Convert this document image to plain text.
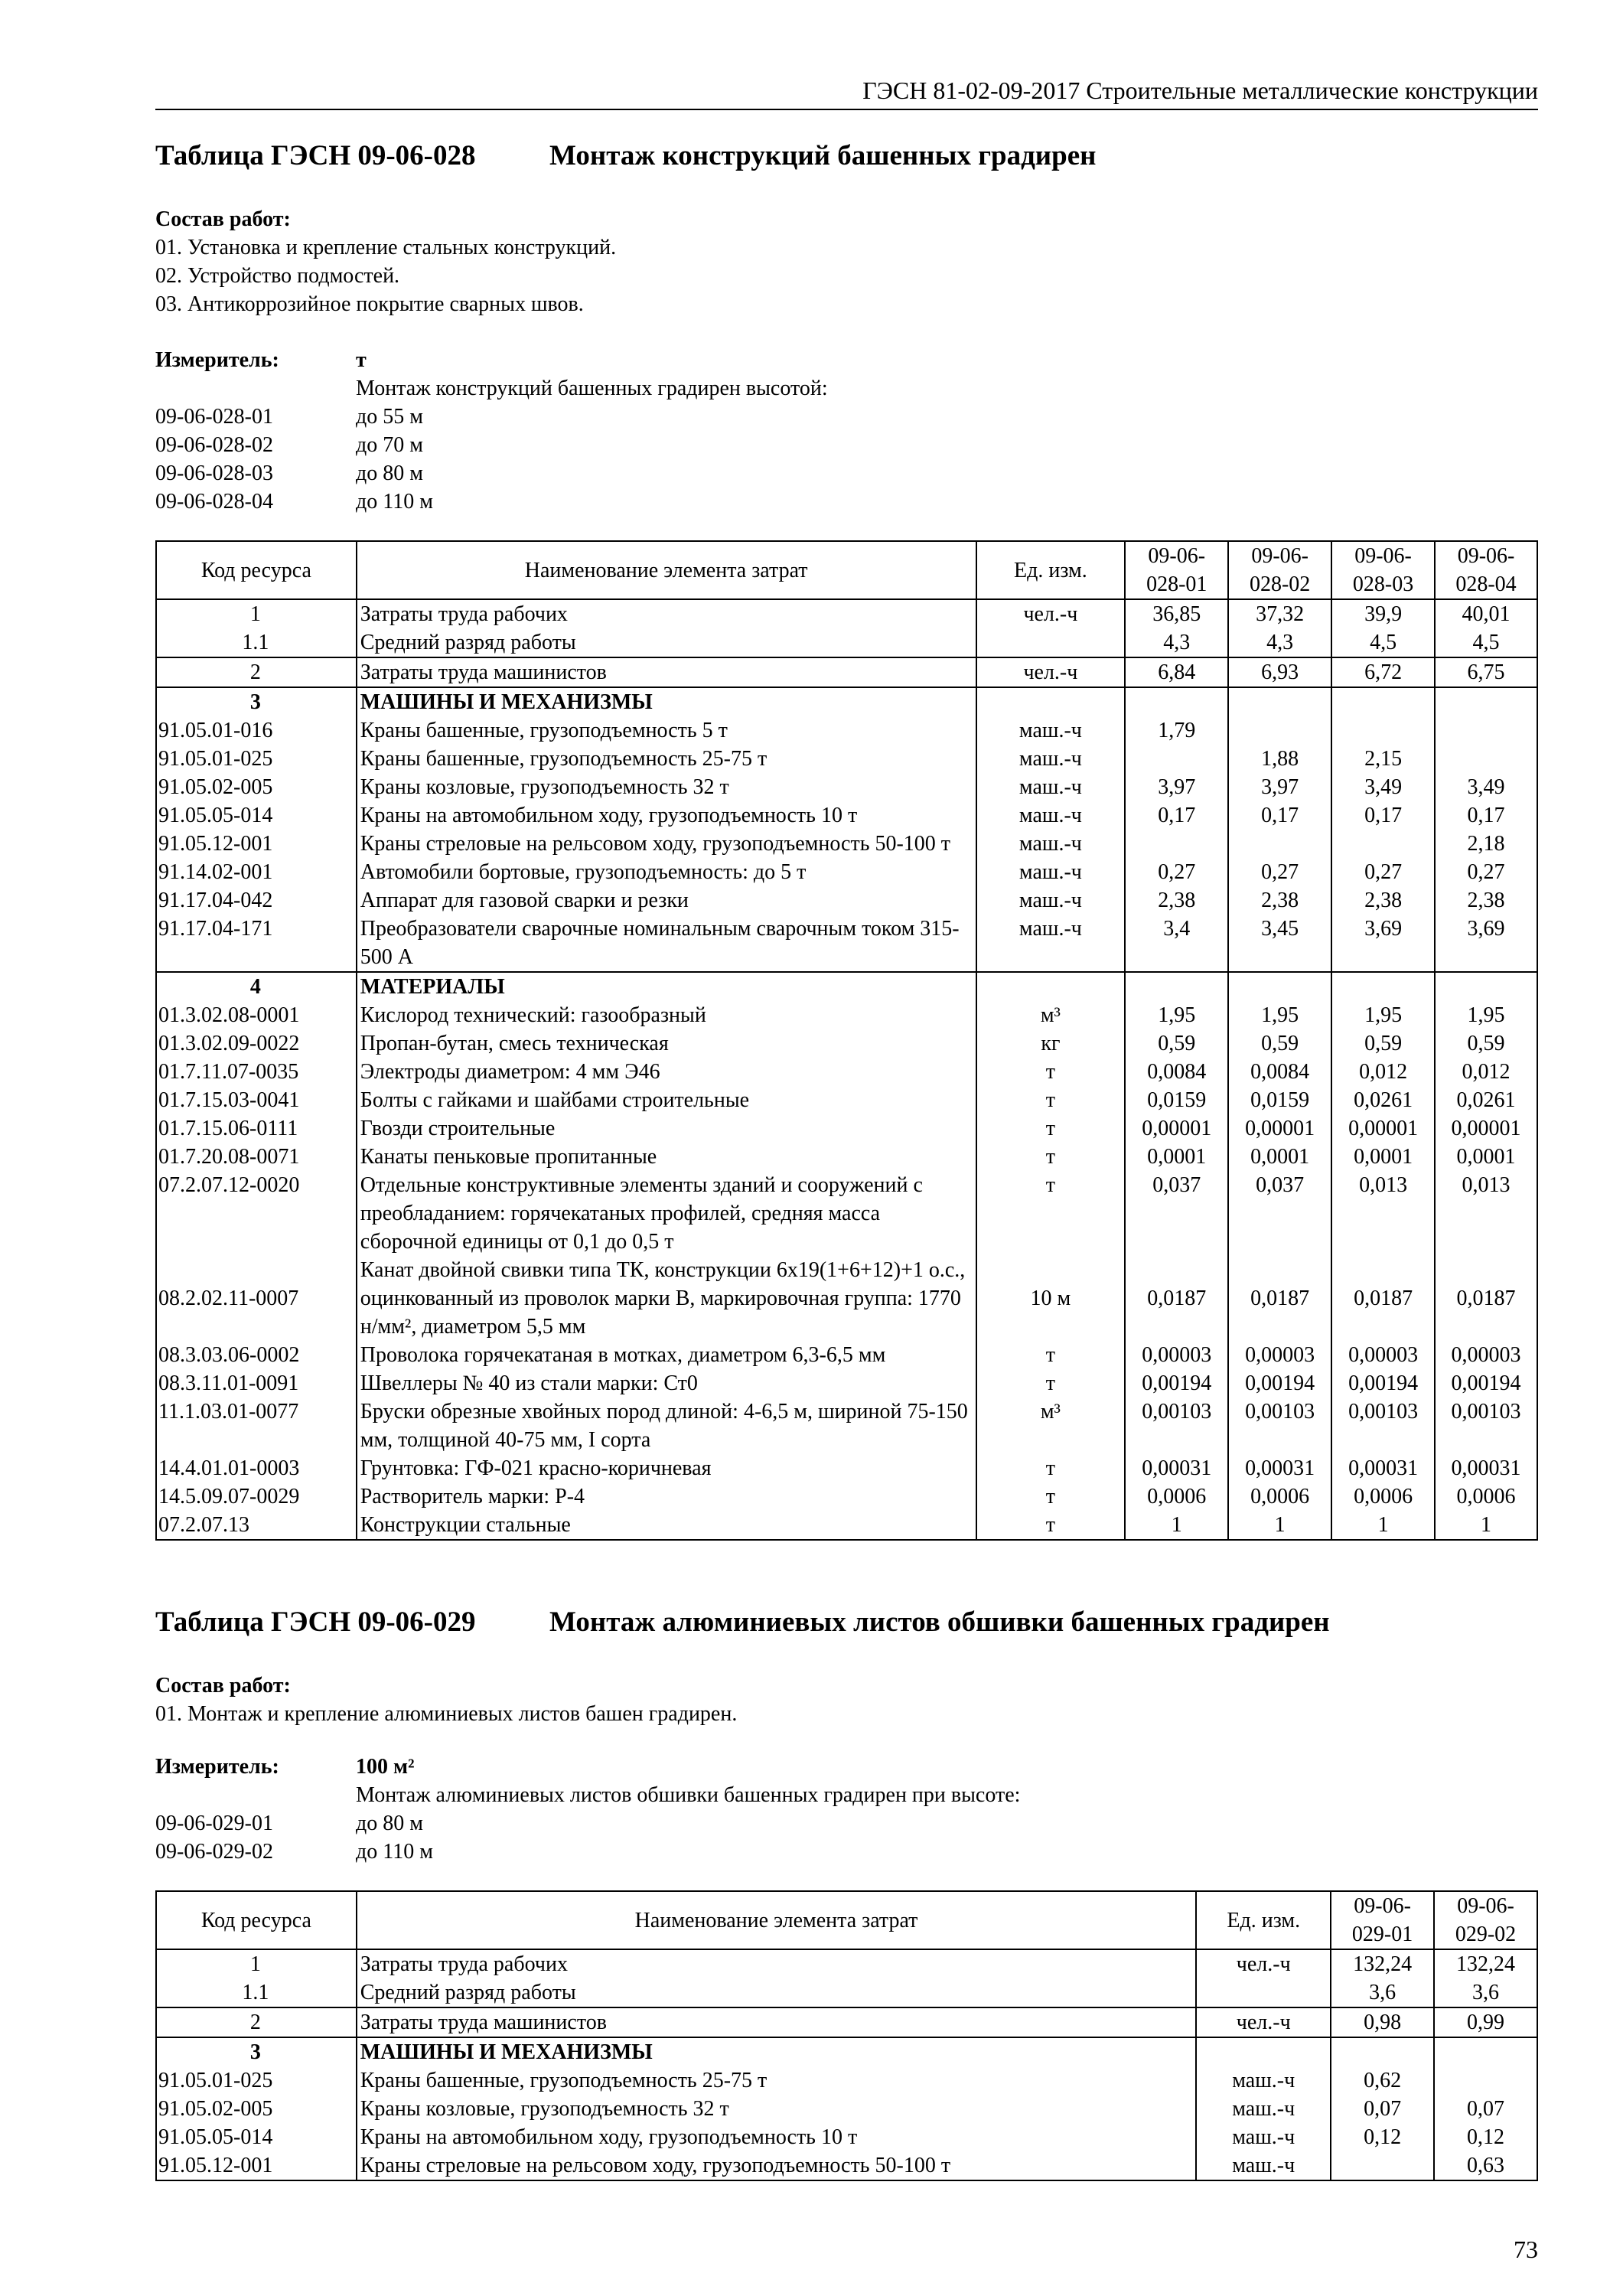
ГЭСН 81-02-09-2017 Строительные металлические конструкции
Таблица ГЭСН 09-06-028	Монтаж конструкций башенных градирен
Состав работ:
01. Установка и крепление стальных конструкций.
02. Устройство подмостей.
03. Антикоррозийное покрытие сварных швов.
Измеритель:	т
Монтаж конструкций башенных градирен высотой:
09-06-028-01	до 55 м
09-06-028-02	до 70 м
09-06-028-03	до 80 м
09-06-028-04	до 110 м
Код ресурса	Наименование элемента затрат	Ед. изм.	09-06-028-01	09-06-028-02	09-06-028-03	09-06-028-04
1	Затраты труда рабочих	чел.-ч	36,85	37,32	39,9	40,01
1.1	Средний разряд работы		4,3	4,3	4,5	4,5
2	Затраты труда машинистов	чел.-ч	6,84	6,93	6,72	6,75
3	МАШИНЫ И МЕХАНИЗМЫ					
91.05.01-016	Краны башенные, грузоподъемность 5 т	маш.-ч	1,79			
91.05.01-025	Краны башенные, грузоподъемность 25-75 т	маш.-ч		1,88	2,15	
91.05.02-005	Краны козловые, грузоподъемность 32 т	маш.-ч	3,97	3,97	3,49	3,49
91.05.05-014	Краны на автомобильном ходу, грузоподъемность 10 т	маш.-ч	0,17	0,17	0,17	0,17
91.05.12-001	Краны стреловые на рельсовом ходу, грузоподъемность 50-100 т	маш.-ч				2,18
91.14.02-001	Автомобили бортовые, грузоподъемность: до 5 т	маш.-ч	0,27	0,27	0,27	0,27
91.17.04-042	Аппарат для газовой сварки и резки	маш.-ч	2,38	2,38	2,38	2,38
91.17.04-171	Преобразователи сварочные номинальным сварочным током 315-500 А	маш.-ч	3,4	3,45	3,69	3,69
4	МАТЕРИАЛЫ					
01.3.02.08-0001	Кислород технический: газообразный	м³	1,95	1,95	1,95	1,95
01.3.02.09-0022	Пропан-бутан, смесь техническая	кг	0,59	0,59	0,59	0,59
01.7.11.07-0035	Электроды диаметром: 4 мм Э46	т	0,0084	0,0084	0,012	0,012
01.7.15.03-0041	Болты с гайками и шайбами строительные	т	0,0159	0,0159	0,0261	0,0261
01.7.15.06-0111	Гвозди строительные	т	0,00001	0,00001	0,00001	0,00001
01.7.20.08-0071	Канаты пеньковые пропитанные	т	0,0001	0,0001	0,0001	0,0001
07.2.07.12-0020	Отдельные конструктивные элементы зданий и сооружений с преобладанием: горячекатаных профилей, средняя масса сборочной единицы от 0,1 до 0,5 т	т	0,037	0,037	0,013	0,013
08.2.02.11-0007	Канат двойной свивки типа ТК, конструкции 6х19(1+6+12)+1 о.с., оцинкованный из проволок марки В, маркировочная группа: 1770 н/мм², диаметром 5,5 мм	10 м	0,0187	0,0187	0,0187	0,0187
08.3.03.06-0002	Проволока горячекатаная в мотках, диаметром 6,3-6,5 мм	т	0,00003	0,00003	0,00003	0,00003
08.3.11.01-0091	Швеллеры № 40 из стали марки: Ст0	т	0,00194	0,00194	0,00194	0,00194
11.1.03.01-0077	Бруски обрезные хвойных пород длиной: 4-6,5 м, шириной 75-150 мм, толщиной 40-75 мм, I сорта	м³	0,00103	0,00103	0,00103	0,00103
14.4.01.01-0003	Грунтовка: ГФ-021 красно-коричневая	т	0,00031	0,00031	0,00031	0,00031
14.5.09.07-0029	Растворитель марки: Р-4	т	0,0006	0,0006	0,0006	0,0006
07.2.07.13	Конструкции стальные	т	1	1	1	1
Таблица ГЭСН 09-06-029	Монтаж алюминиевых листов обшивки башенных градирен
Состав работ:
01. Монтаж и крепление алюминиевых листов башен градирен.
Измеритель:	100 м²
Монтаж алюминиевых листов обшивки башенных градирен при высоте:
09-06-029-01	до 80 м
09-06-029-02	до 110 м
Код ресурса	Наименование элемента затрат	Ед. изм.	09-06-029-01	09-06-029-02
1	Затраты труда рабочих	чел.-ч	132,24	132,24
1.1	Средний разряд работы		3,6	3,6
2	Затраты труда машинистов	чел.-ч	0,98	0,99
3	МАШИНЫ И МЕХАНИЗМЫ			
91.05.01-025	Краны башенные, грузоподъемность 25-75 т	маш.-ч	0,62	
91.05.02-005	Краны козловые, грузоподъемность 32 т	маш.-ч	0,07	0,07
91.05.05-014	Краны на автомобильном ходу, грузоподъемность 10 т	маш.-ч	0,12	0,12
91.05.12-001	Краны стреловые на рельсовом ходу, грузоподъемность 50-100 т	маш.-ч		0,63
73
